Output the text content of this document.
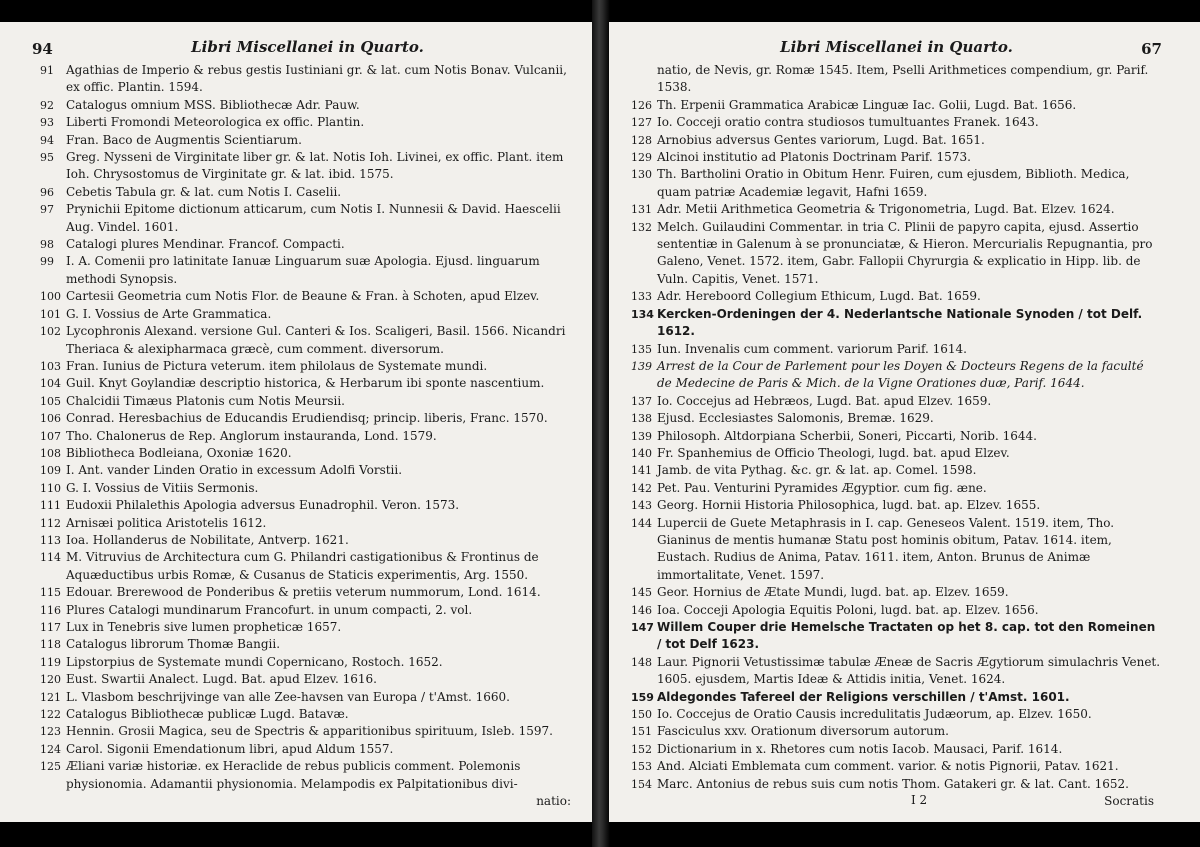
94	Libri Miscellanei in Quarto.

91 Agathias de Imperio & rebus gestis Iustiniani gr. & lat. cum Notis Bonav. Vulcanii, ex offic. Plantin. 1594.

92 Catalogus omnium MSS. Bibliothecæ Adr. Pauw.

93 Liberti Fromondi Meteorologica ex offic. Plantin.

94 Fran. Baco de Augmentis Scientiarum.

95 Greg. Nysseni de Virginitate liber gr. & lat. Notis Ioh. Livinei, ex offic. Plant. item Ioh. Chrysostomus de Virginitate gr. & lat. ibid. 1575.

96 Cebetis Tabula gr. & lat. cum Notis I. Caselii.

97 Prynichii Epitome dictionum atticarum, cum Notis I. Nunnesii & David. Haescelii Aug. Vindel. 1601.

98 Catalogi plures Mendinar. Francof. Compacti.

99 I. A. Comenii pro latinitate Ianuæ Linguarum suæ Apologia. Ejusd. linguarum methodi Synopsis.

100 Cartesii Geometria cum Notis Flor. de Beaune & Fran. à Schoten, apud Elzev.

101 G. I. Vossius de Arte Grammatica.

102 Lycophronis Alexand. versione Gul. Canteri & Ios. Scaligeri, Basil. 1566. Nicandri Theriaca & alexipharmaca græcè, cum comment. diversorum.

103 Fran. Iunius de Pictura veterum. item philolaus de Systemate mundi.

104 Guil. Knyt Goylandiæ descriptio historica, & Herbarum ibi sponte nascentium.

105 Chalcidii Timæus Platonis cum Notis Meursii.

106 Conrad. Heresbachius de Educandis Erudiendisq; princip. liberis, Franc. 1570.

107 Tho. Chalonerus de Rep. Anglorum instauranda, Lond. 1579.

108 Bibliotheca Bodleiana, Oxoniæ 1620.

109 I. Ant. vander Linden Oratio in excessum Adolfi Vorstii.

110 G. I. Vossius de Vitiis Sermonis.

111 Eudoxii Philalethis Apologia adversus Eunadrophil. Veron. 1573.

112 Arnisæi politica Aristotelis 1612.

113 Ioa. Hollanderus de Nobilitate, Antverp. 1621.

114 M. Vitruvius de Architectura cum G. Philandri castigationibus & Frontinus de Aquæductibus urbis Romæ, & Cusanus de Staticis experimentis, Arg. 1550.

115 Edouar. Brerewood de Ponderibus & pretiis veterum nummorum, Lond. 1614.

116 Plures Catalogi mundinarum Francofurt. in unum compacti, 2. vol.

117 Lux in Tenebris sive lumen propheticæ 1657.

118 Catalogus librorum Thomæ Bangii.

119 Lipstorpius de Systemate mundi Copernicano, Rostoch. 1652.

120 Eust. Swartii Analect. Lugd. Bat. apud Elzev. 1616.

121 L. Vlasbom beschrijvinge van alle Zee-havsen van Europa / t'Amst. 1660.

122 Catalogus Bibliothecæ publicæ Lugd. Batavæ.

123 Hennin. Grosii Magica, seu de Spectris & apparitionibus spirituum, Isleb. 1597.

124 Carol. Sigonii Emendationum libri, apud Aldum 1557.

125 Æliani variæ historiæ. ex Heraclide de rebus publicis comment. Polemonis physionomia. Adamantii physionomia. Melampodis ex Palpitationibus divi-

natio:
Libri Miscellanei in Quarto.	67

natio, de Nevis, gr. Romæ 1545. Item, Pselli Arithmetices compendium, gr. Parif. 1538.

126 Th. Erpenii Grammatica Arabicæ Linguæ Iac. Golii, Lugd. Bat. 1656.

127 Io. Cocceji oratio contra studiosos tumultuantes Franek. 1643.

128 Arnobius adversus Gentes variorum, Lugd. Bat. 1651.

129 Alcinoi institutio ad Platonis Doctrinam Parif. 1573.

130 Th. Bartholini Oratio in Obitum Henr. Fuiren, cum ejusdem, Biblioth. Medica, quam patriæ Academiæ legavit, Hafni 1659.

131 Adr. Metii Arithmetica Geometria & Trigonometria, Lugd. Bat. Elzev. 1624.

132 Melch. Guilaudini Commentar. in tria C. Plinii de papyro capita, ejusd. Assertio sententiæ in Galenum à se pronunciatæ, & Hieron. Mercurialis Repugnantia, pro Galeno, Venet. 1572. item, Gabr. Fallopii Chyrurgia & explicatio in Hipp. lib. de Vuln. Capitis, Venet. 1571.

133 Adr. Hereboord Collegium Ethicum, Lugd. Bat. 1659.

134 Kercken-Ordeningen der 4. Nederlantsche Nationale Synoden / tot Delf. 1612.

135 Iun. Invenalis cum comment. variorum Parif. 1614.

139 Arrest de la Cour de Parlement pour les Doyen & Docteurs Regens de la faculté de Medecine de Paris & Mich. de la Vigne Orationes duæ, Parif. 1644.

137 Io. Coccejus ad Hebræos, Lugd. Bat. apud Elzev. 1659.

138 Ejusd. Ecclesiastes Salomonis, Bremæ. 1629.

139 Philosoph. Altdorpiana Scherbii, Soneri, Piccarti, Norib. 1644.

140 Fr. Spanhemius de Officio Theologi, lugd. bat. apud Elzev.

141 Jamb. de vita Pythag. &c. gr. & lat. ap. Comel. 1598.

142 Pet. Pau. Venturini Pyramides Ægyptior. cum fig. æne.

143 Georg. Hornii Historia Philosophica, lugd. bat. ap. Elzev. 1655.

144 Lupercii de Guete Metaphrasis in I. cap. Geneseos Valent. 1519. item, Tho. Gianinus de mentis humanæ Statu post hominis obitum, Patav. 1614. item, Eustach. Rudius de Anima, Patav. 1611. item, Anton. Brunus de Animæ immortalitate, Venet. 1597.

145 Geor. Hornius de Ætate Mundi, lugd. bat. ap. Elzev. 1659.

146 Ioa. Cocceji Apologia Equitis Poloni, lugd. bat. ap. Elzev. 1656.

147 Willem Couper drie Hemelsche Tractaten op het 8. cap. tot den Romeinen / tot Delf 1623.

148 Laur. Pignorii Vetustissimæ tabulæ Æneæ de Sacris Ægytiorum simulachris Venet. 1605. ejusdem, Martis Ideæ & Attidis initia, Venet. 1624.

159 Aldegondes Tafereel der Religions verschillen / t'Amst. 1601.

150 Io. Coccejus de Oratio Causis incredulitatis Judæorum, ap. Elzev. 1650.

151 Fasciculus xxv. Orationum diversorum autorum.

152 Dictionarium in x. Rhetores cum notis Iacob. Mausaci, Parif. 1614.

153 And. Alciati Emblemata cum comment. varior. & notis Pignorii, Patav. 1621.

154 Marc. Antonius de rebus suis cum notis Thom. Gatakeri gr. & lat. Cant. 1652.

I 2	Socratis
